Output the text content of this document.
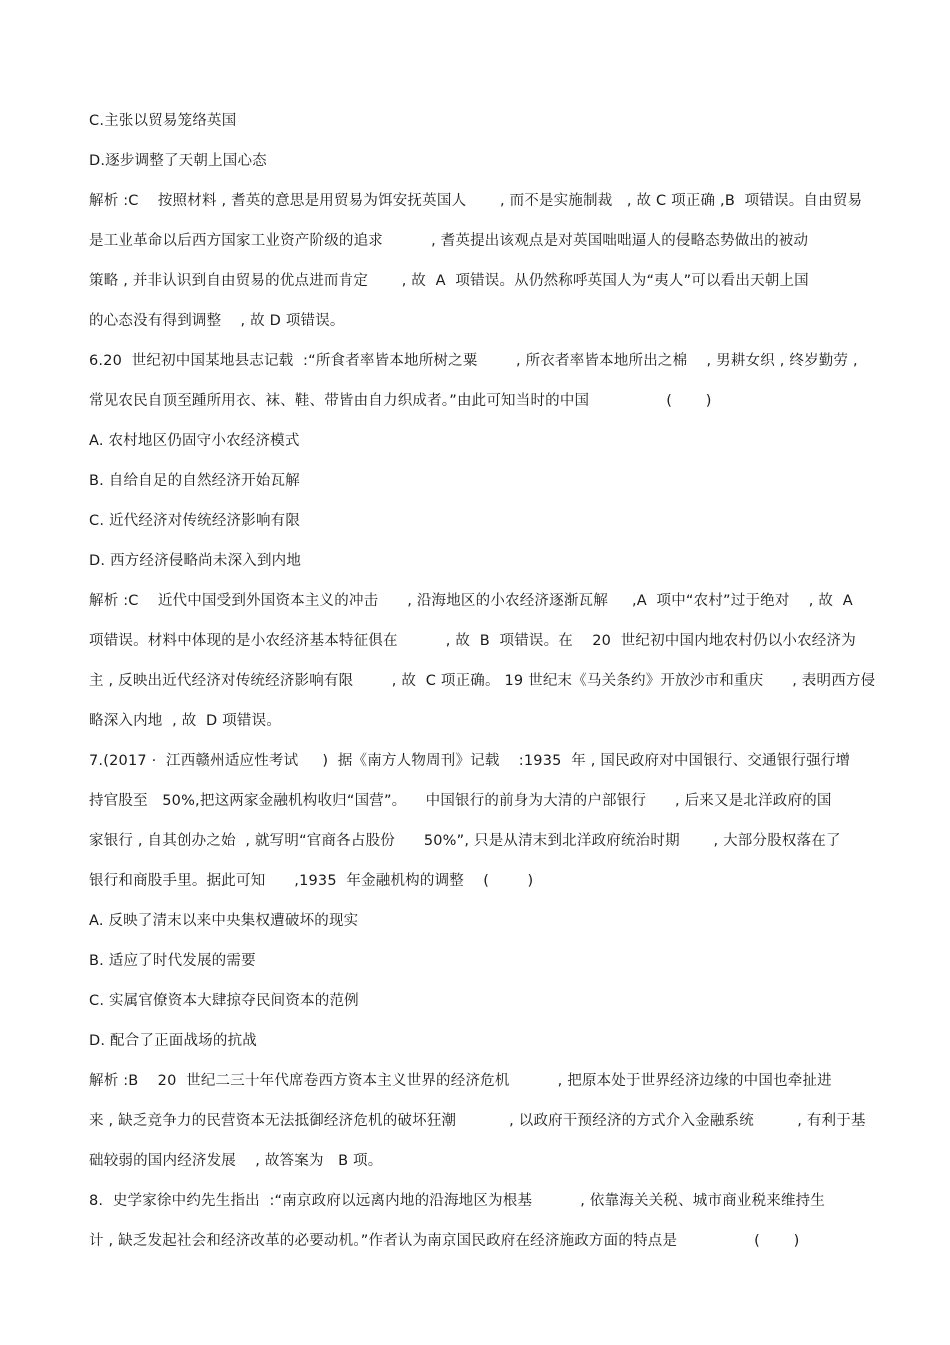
C.主张以贸易笼络英国
D.逐步调整了天朝上国心态
解析 :C    按照材料 , 耆英的意思是用贸易为饵安抚英国人       , 而不是实施制裁   , 故 C 项正确 ,B  项错误。自由贸易
是工业革命以后西方国家工业资产阶级的追求          , 耆英提出该观点是对英国咄咄逼人的侵略态势做出的被动
策略 , 并非认识到自由贸易的优点进而肯定       , 故  A  项错误。从仍然称呼英国人为“夷人”可以看出天朝上国
的心态没有得到调整    , 故 D 项错误。
6.20  世纪初中国某地县志记载  :“所食者率皆本地所树之粟        , 所衣者率皆本地所出之棉    , 男耕女织 , 终岁勤劳 ,
常见农民自顶至踵所用衣、袜、鞋、带皆由自力织成者。”由此可知当时的中国                (       )
A. 农村地区仍固守小农经济模式
B. 自给自足的自然经济开始瓦解
C. 近代经济对传统经济影响有限
D. 西方经济侵略尚未深入到内地
解析 :C    近代中国受到外国资本主义的冲击      , 沿海地区的小农经济逐渐瓦解     ,A  项中“农村”过于绝对    , 故  A
项错误。材料中体现的是小农经济基本特征俱在          , 故  B  项错误。在    20  世纪初中国内地农村仍以小农经济为
主 , 反映出近代经济对传统经济影响有限        , 故  C 项正确。 19 世纪末《马关条约》开放沙市和重庆      , 表明西方侵
略深入内地  , 故  D 项错误。
7.(2017 ·  江西赣州适应性考试     )  据《南方人物周刊》记载    :1935  年 , 国民政府对中国银行、交通银行强行增
持官股至   50%,把这两家金融机构收归“国营”。    中国银行的前身为大清的户部银行      , 后来又是北洋政府的国
家银行 , 自其创办之始  , 就写明“官商各占股份      50%”, 只是从清末到北洋政府统治时期       , 大部分股权落在了
银行和商股手里。据此可知      ,1935  年金融机构的调整    (        )
A. 反映了清末以来中央集权遭破坏的现实
B. 适应了时代发展的需要
C. 实属官僚资本大肆掠夺民间资本的范例
D. 配合了正面战场的抗战
解析 :B    20  世纪二三十年代席卷西方资本主义世界的经济危机          , 把原本处于世界经济边缘的中国也牵扯进
来 , 缺乏竞争力的民营资本无法抵御经济危机的破坏狂潮           , 以政府干预经济的方式介入金融系统         , 有利于基
础较弱的国内经济发展    , 故答案为   B 项。
8.  史学家徐中约先生指出  :“南京政府以远离内地的沿海地区为根基          , 依靠海关关税、城市商业税来维持生
计 , 缺乏发起社会和经济改革的必要动机。”作者认为南京国民政府在经济施政方面的特点是                (       )
